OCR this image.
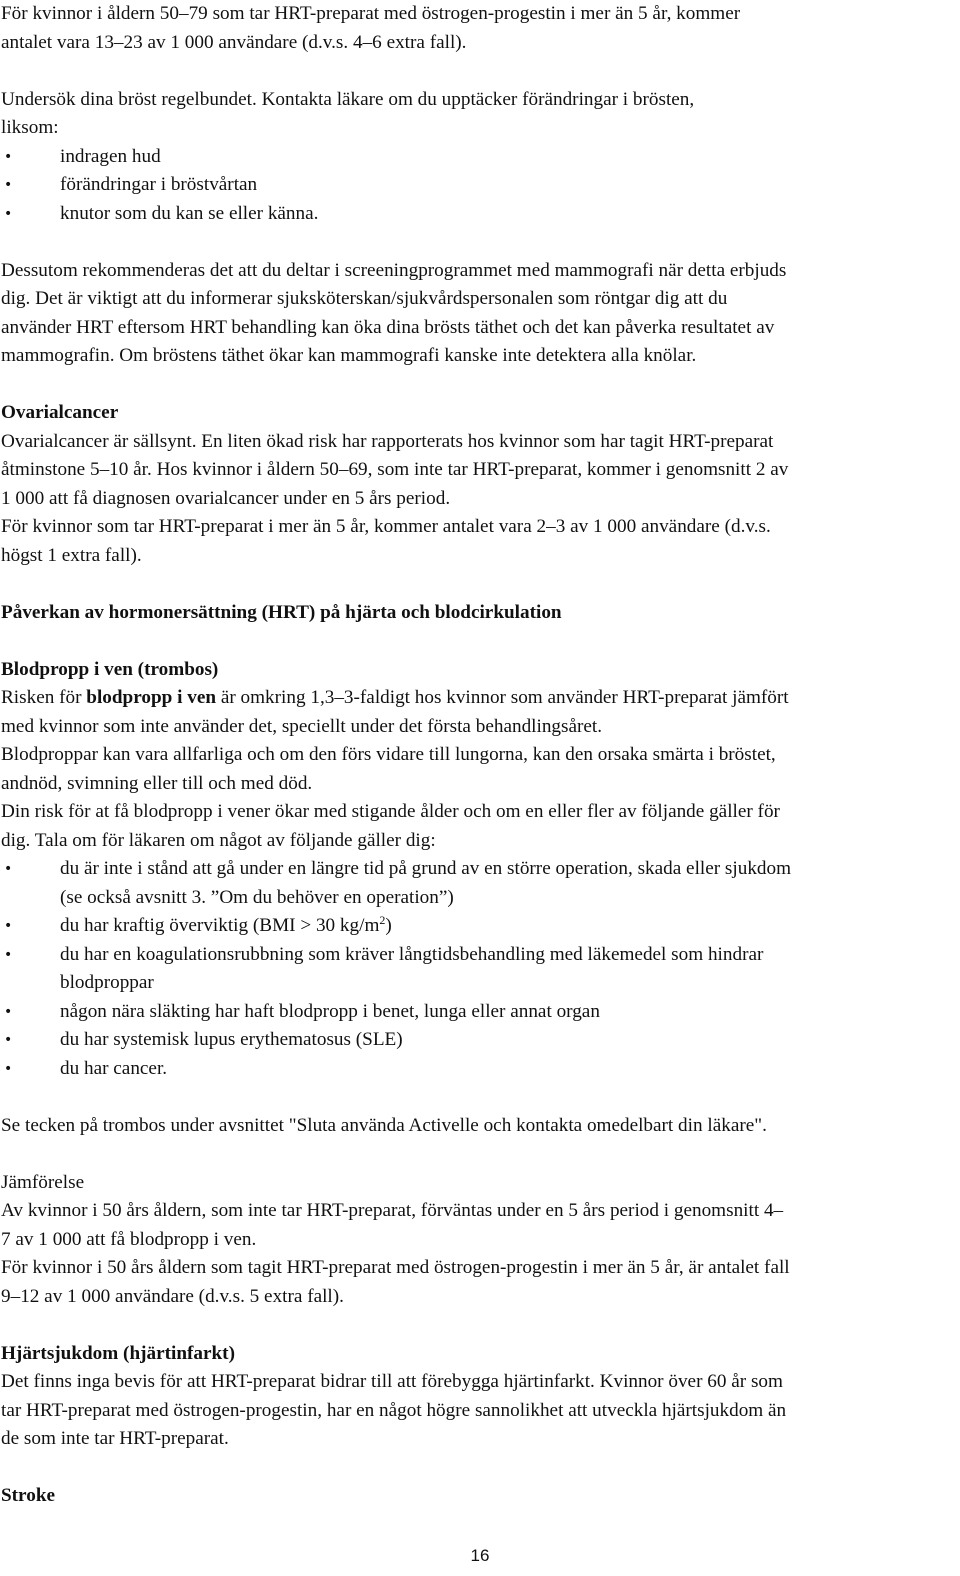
För kvinnor i åldern 50–79 som tar HRT-preparat med östrogen-progestin i mer än 5 år, kommer

antalet vara 13–23 av 1 000 användare (d.v.s. 4–6 extra fall).

Undersök dina bröst regelbundet. Kontakta läkare om du upptäcker förändringar i brösten,

liksom:

• indragen hud
• förändringar i bröstvårtan
• knutor som du kan se eller känna.

Dessutom rekommenderas det att du deltar i screeningprogrammet med mammografi när detta erbjuds

dig. Det är viktigt att du informerar sjuksköterskan/sjukvårdspersonalen som röntgar dig att du

använder HRT eftersom HRT behandling kan öka dina brösts täthet och det kan påverka resultatet av

mammografin. Om bröstens täthet ökar kan mammografi kanske inte detektera alla knölar.

Ovarialcancer

Ovarialcancer är sällsynt. En liten ökad risk har rapporterats hos kvinnor som har tagit HRT-preparat

åtminstone 5–10 år. Hos kvinnor i åldern 50–69, som inte tar HRT-preparat, kommer i genomsnitt 2 av

1 000 att få diagnosen ovarialcancer under en 5 års period.

För kvinnor som tar HRT-preparat i mer än 5 år, kommer antalet vara 2–3 av 1 000 användare (d.v.s.

högst 1 extra fall).

Påverkan av hormonersättning (HRT) på hjärta och blodcirkulation

Blodpropp i ven (trombos)

Risken för blodpropp i ven är omkring 1,3–3-faldigt hos kvinnor som använder HRT-preparat jämfört

med kvinnor som inte använder det, speciellt under det första behandlingsåret.

Blodproppar kan vara allfarliga och om den förs vidare till lungorna, kan den orsaka smärta i bröstet,

andnöd, svimning eller till och med död.

Din risk för at få blodpropp i vener ökar med stigande ålder och om en eller fler av följande gäller för

dig. Tala om för läkaren om något av följande gäller dig:

• du är inte i stånd att gå under en längre tid på grund av en större operation, skada eller sjukdom
(se också avsnitt 3. ”Om du behöver en operation”)
• du har kraftig överviktig (BMI > 30 $kg/m^2$)
• du har en koagulationsrubbning som kräver långtidsbehandling med läkemedel som hindrar
blodproppar
• någon nära släkting har haft blodpropp i benet, lunga eller annat organ
• du har systemisk lupus erythematosus (SLE)
• du har cancer.

Se tecken på trombos under avsnittet "Sluta använda Activelle och kontakta omedelbart din läkare".

Jämförelse

Av kvinnor i 50 års åldern, som inte tar HRT-preparat, förväntas under en 5 års period i genomsnitt 4–

7 av 1 000 att få blodpropp i ven.

För kvinnor i 50 års åldern som tagit HRT-preparat med östrogen-progestin i mer än 5 år, är antalet fall

9–12 av 1 000 användare (d.v.s. 5 extra fall).

Hjärtsjukdom (hjärtinfarkt)

Det finns inga bevis för att HRT-preparat bidrar till att förebygga hjärtinfarkt. Kvinnor över 60 år som

tar HRT-preparat med östrogen-progestin, har en något högre sannolikhet att utveckla hjärtsjukdom än

de som inte tar HRT-preparat.

Stroke

16
